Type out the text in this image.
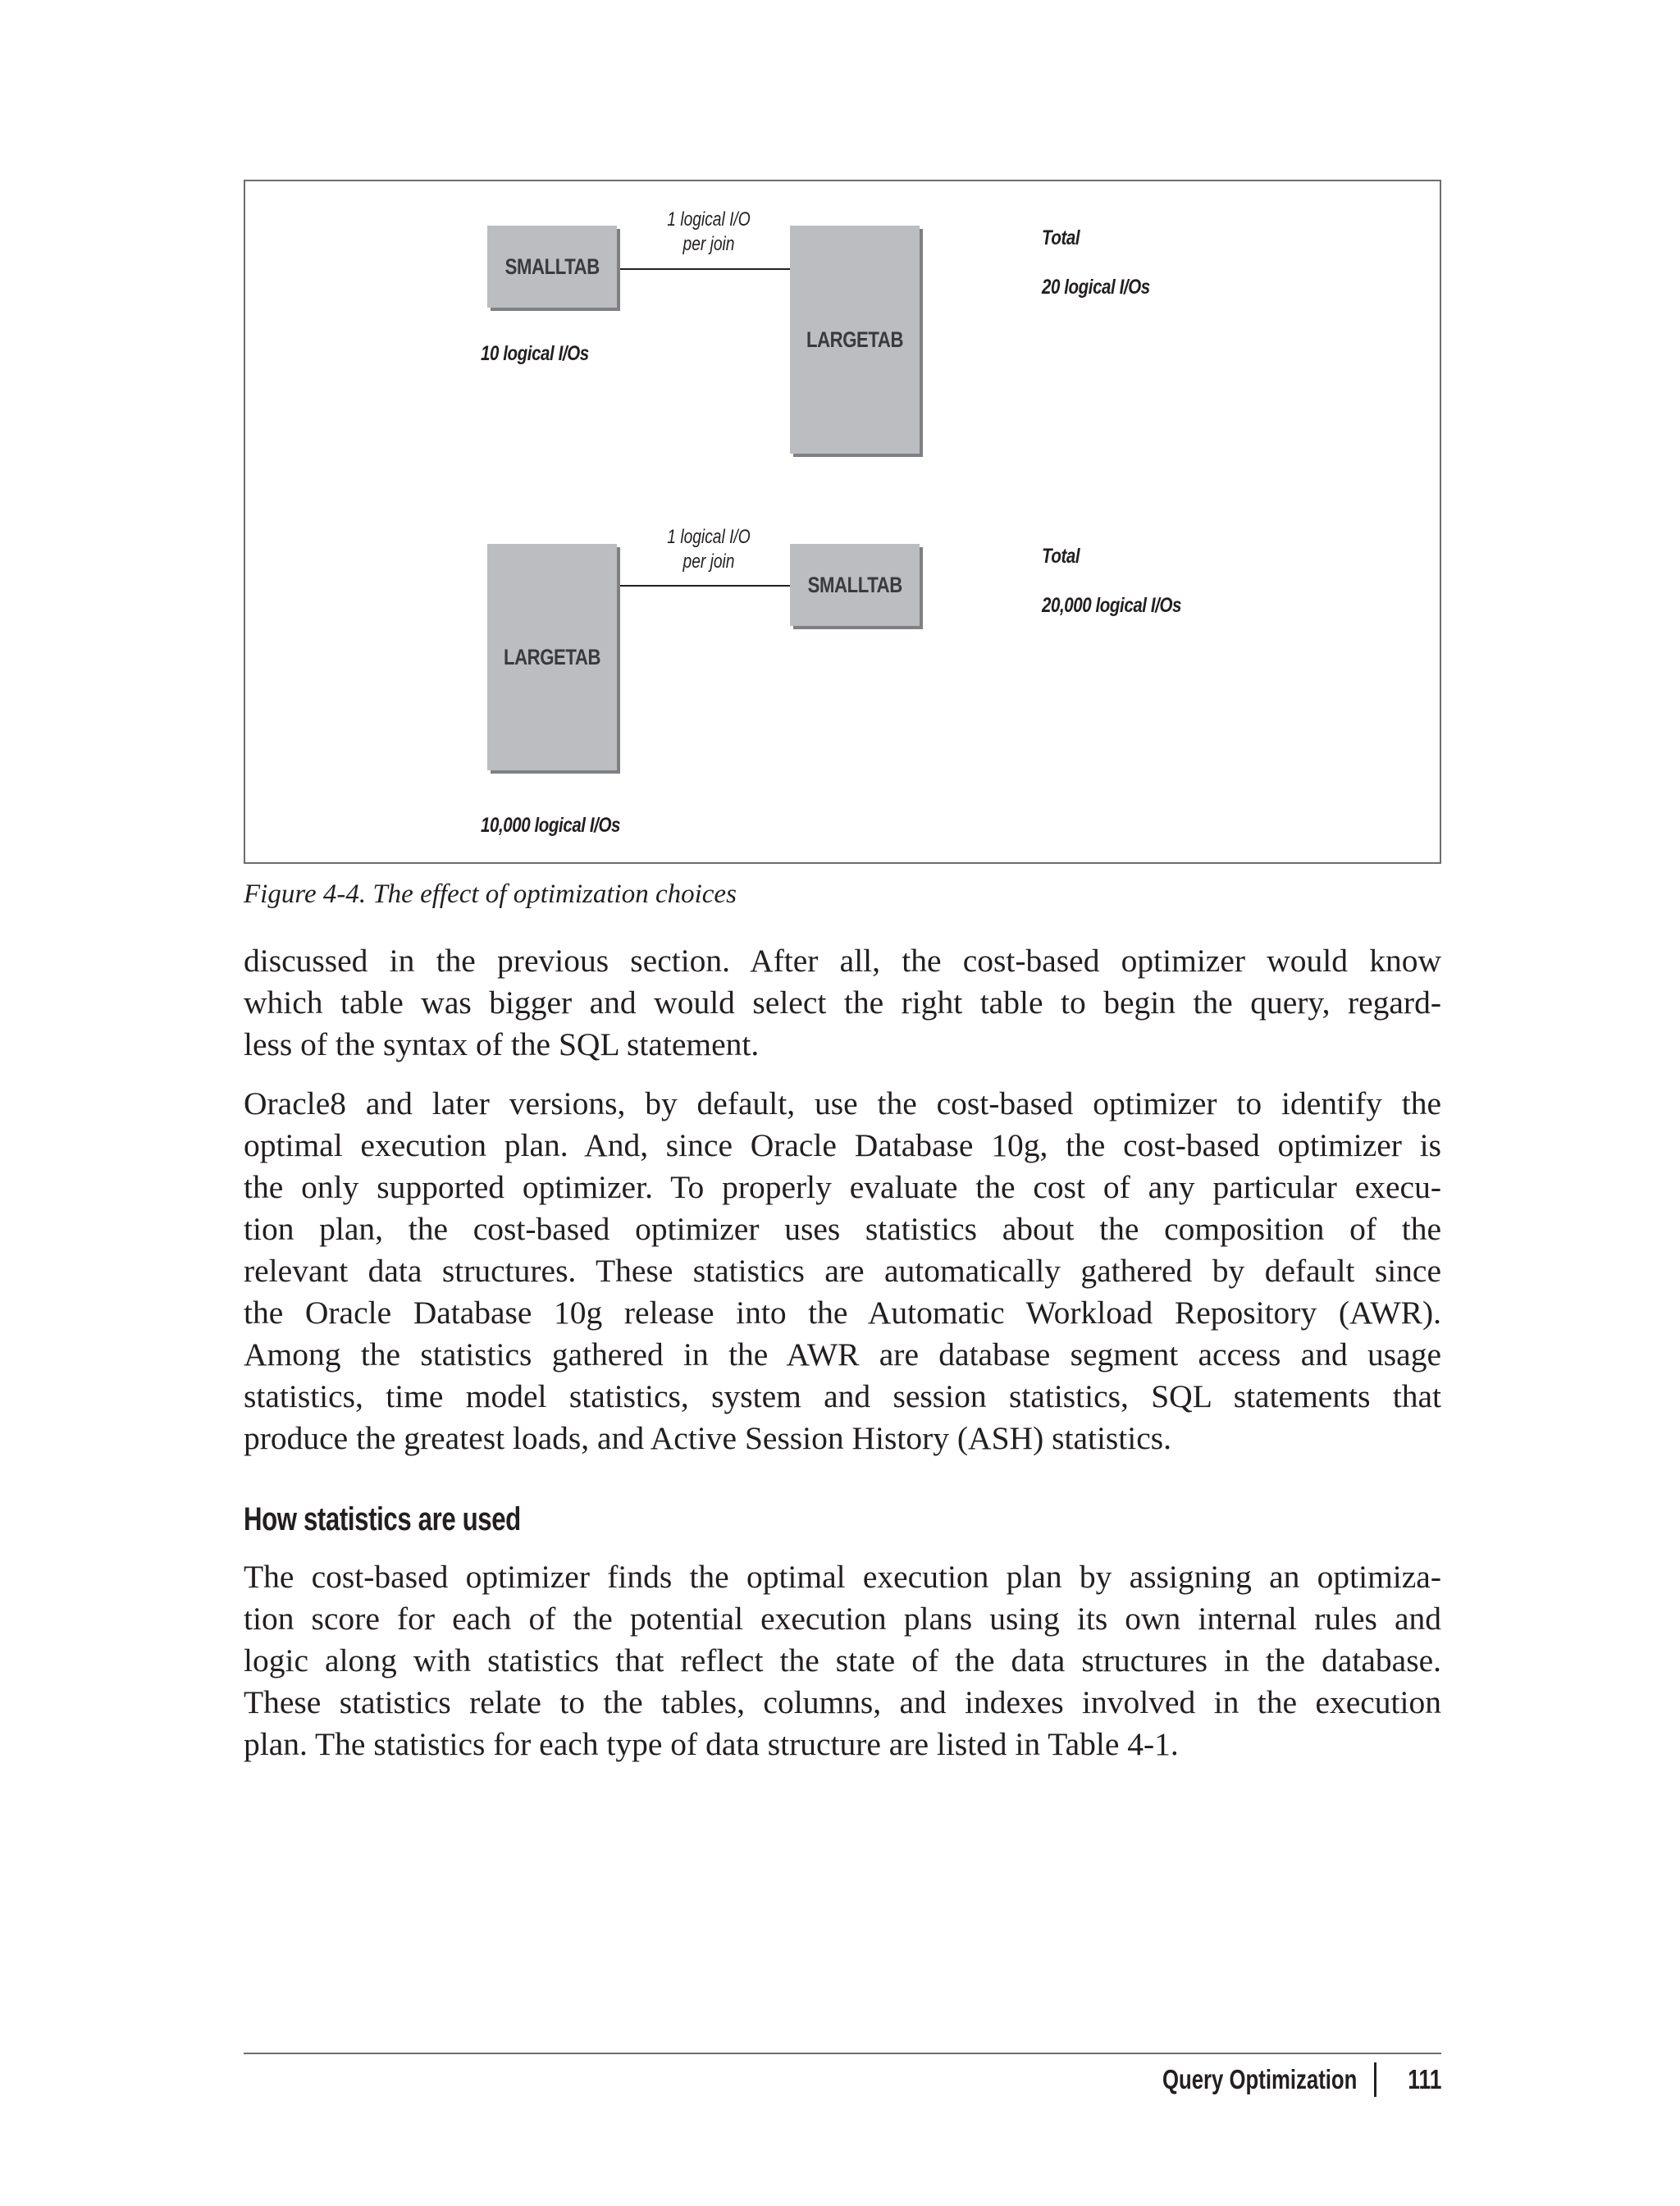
SMALLTAB
LARGETAB
1 logical I/O
per join
10 logical I/Os
Total
20 logical I/Os
LARGETAB
SMALLTAB
1 logical I/O
per join
10,000 logical I/Os
Total
20,000 logical I/Os
Figure 4-4. The effect of optimization choices

discussed in the previous section. After all, the cost-based optimizer would know
which table was bigger and would select the right table to begin the query, regard-
less of the syntax of the SQL statement.

Oracle8 and later versions, by default, use the cost-based optimizer to identify the
optimal execution plan. And, since Oracle Database 10g, the cost-based optimizer is
the only supported optimizer. To properly evaluate the cost of any particular execu-
tion plan, the cost-based optimizer uses statistics about the composition of the
relevant data structures. These statistics are automatically gathered by default since
the Oracle Database 10g release into the Automatic Workload Repository (AWR).
Among the statistics gathered in the AWR are database segment access and usage
statistics, time model statistics, system and session statistics, SQL statements that
produce the greatest loads, and Active Session History (ASH) statistics.

How statistics are used

The cost-based optimizer finds the optimal execution plan by assigning an optimiza-
tion score for each of the potential execution plans using its own internal rules and
logic along with statistics that reflect the state of the data structures in the database.
These statistics relate to the tables, columns, and indexes involved in the execution
plan. The statistics for each type of data structure are listed in Table 4-1.

Query Optimization 111
